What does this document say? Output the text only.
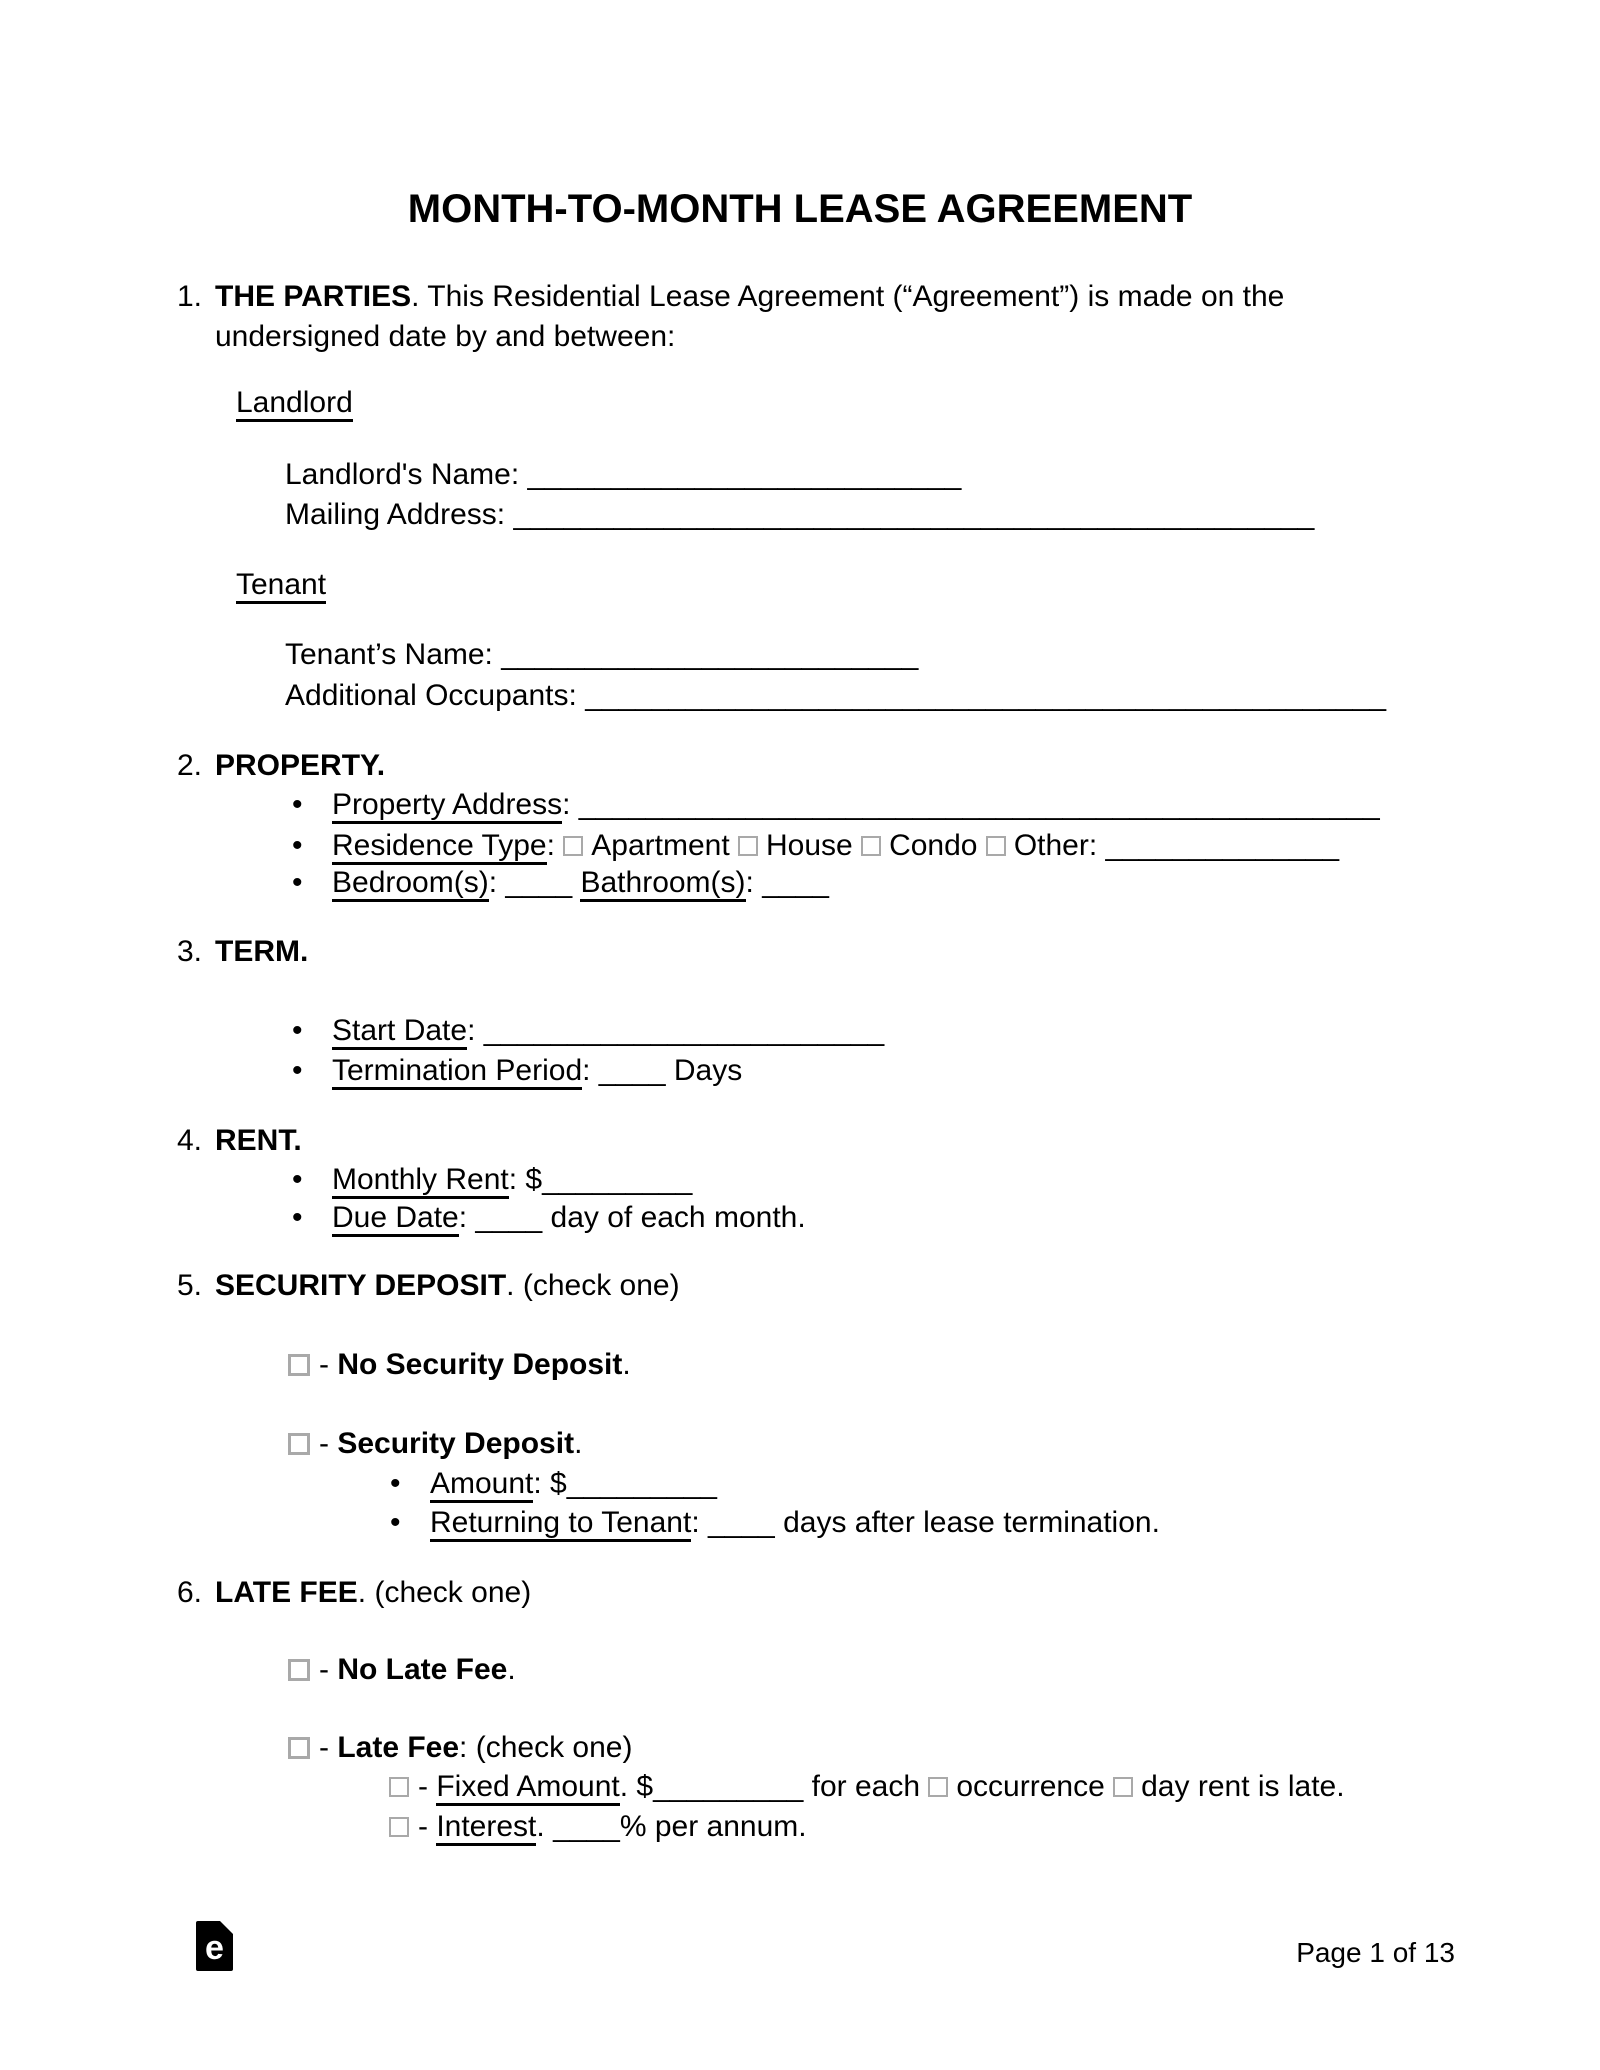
MONTH-TO-MONTH LEASE AGREEMENT
1. THE PARTIES. This Residential Lease Agreement (“Agreement”) is made on the
undersigned date by and between:
Landlord
Landlord's Name: __________________________
Mailing Address: ________________________________________________
Tenant
Tenant’s Name: _________________________
Additional Occupants: ________________________________________________
2. PROPERTY.
• Property Address: ________________________________________________
• Residence Type: Apartment House Condo Other: ______________
• Bedroom(s): ____ Bathroom(s): ____
3. TERM.
• Start Date: ________________________
• Termination Period: ____ Days
4. RENT.
• Monthly Rent: $_________
• Due Date: ____ day of each month.
5. SECURITY DEPOSIT. (check one)
- No Security Deposit.
- Security Deposit.
• Amount: $_________
• Returning to Tenant: ____ days after lease termination.
6. LATE FEE. (check one)
- No Late Fee.
- Late Fee: (check one)
- Fixed Amount. $_________ for each occurrence day rent is late.
- Interest. ____% per annum.
e	Page 1 of 13
